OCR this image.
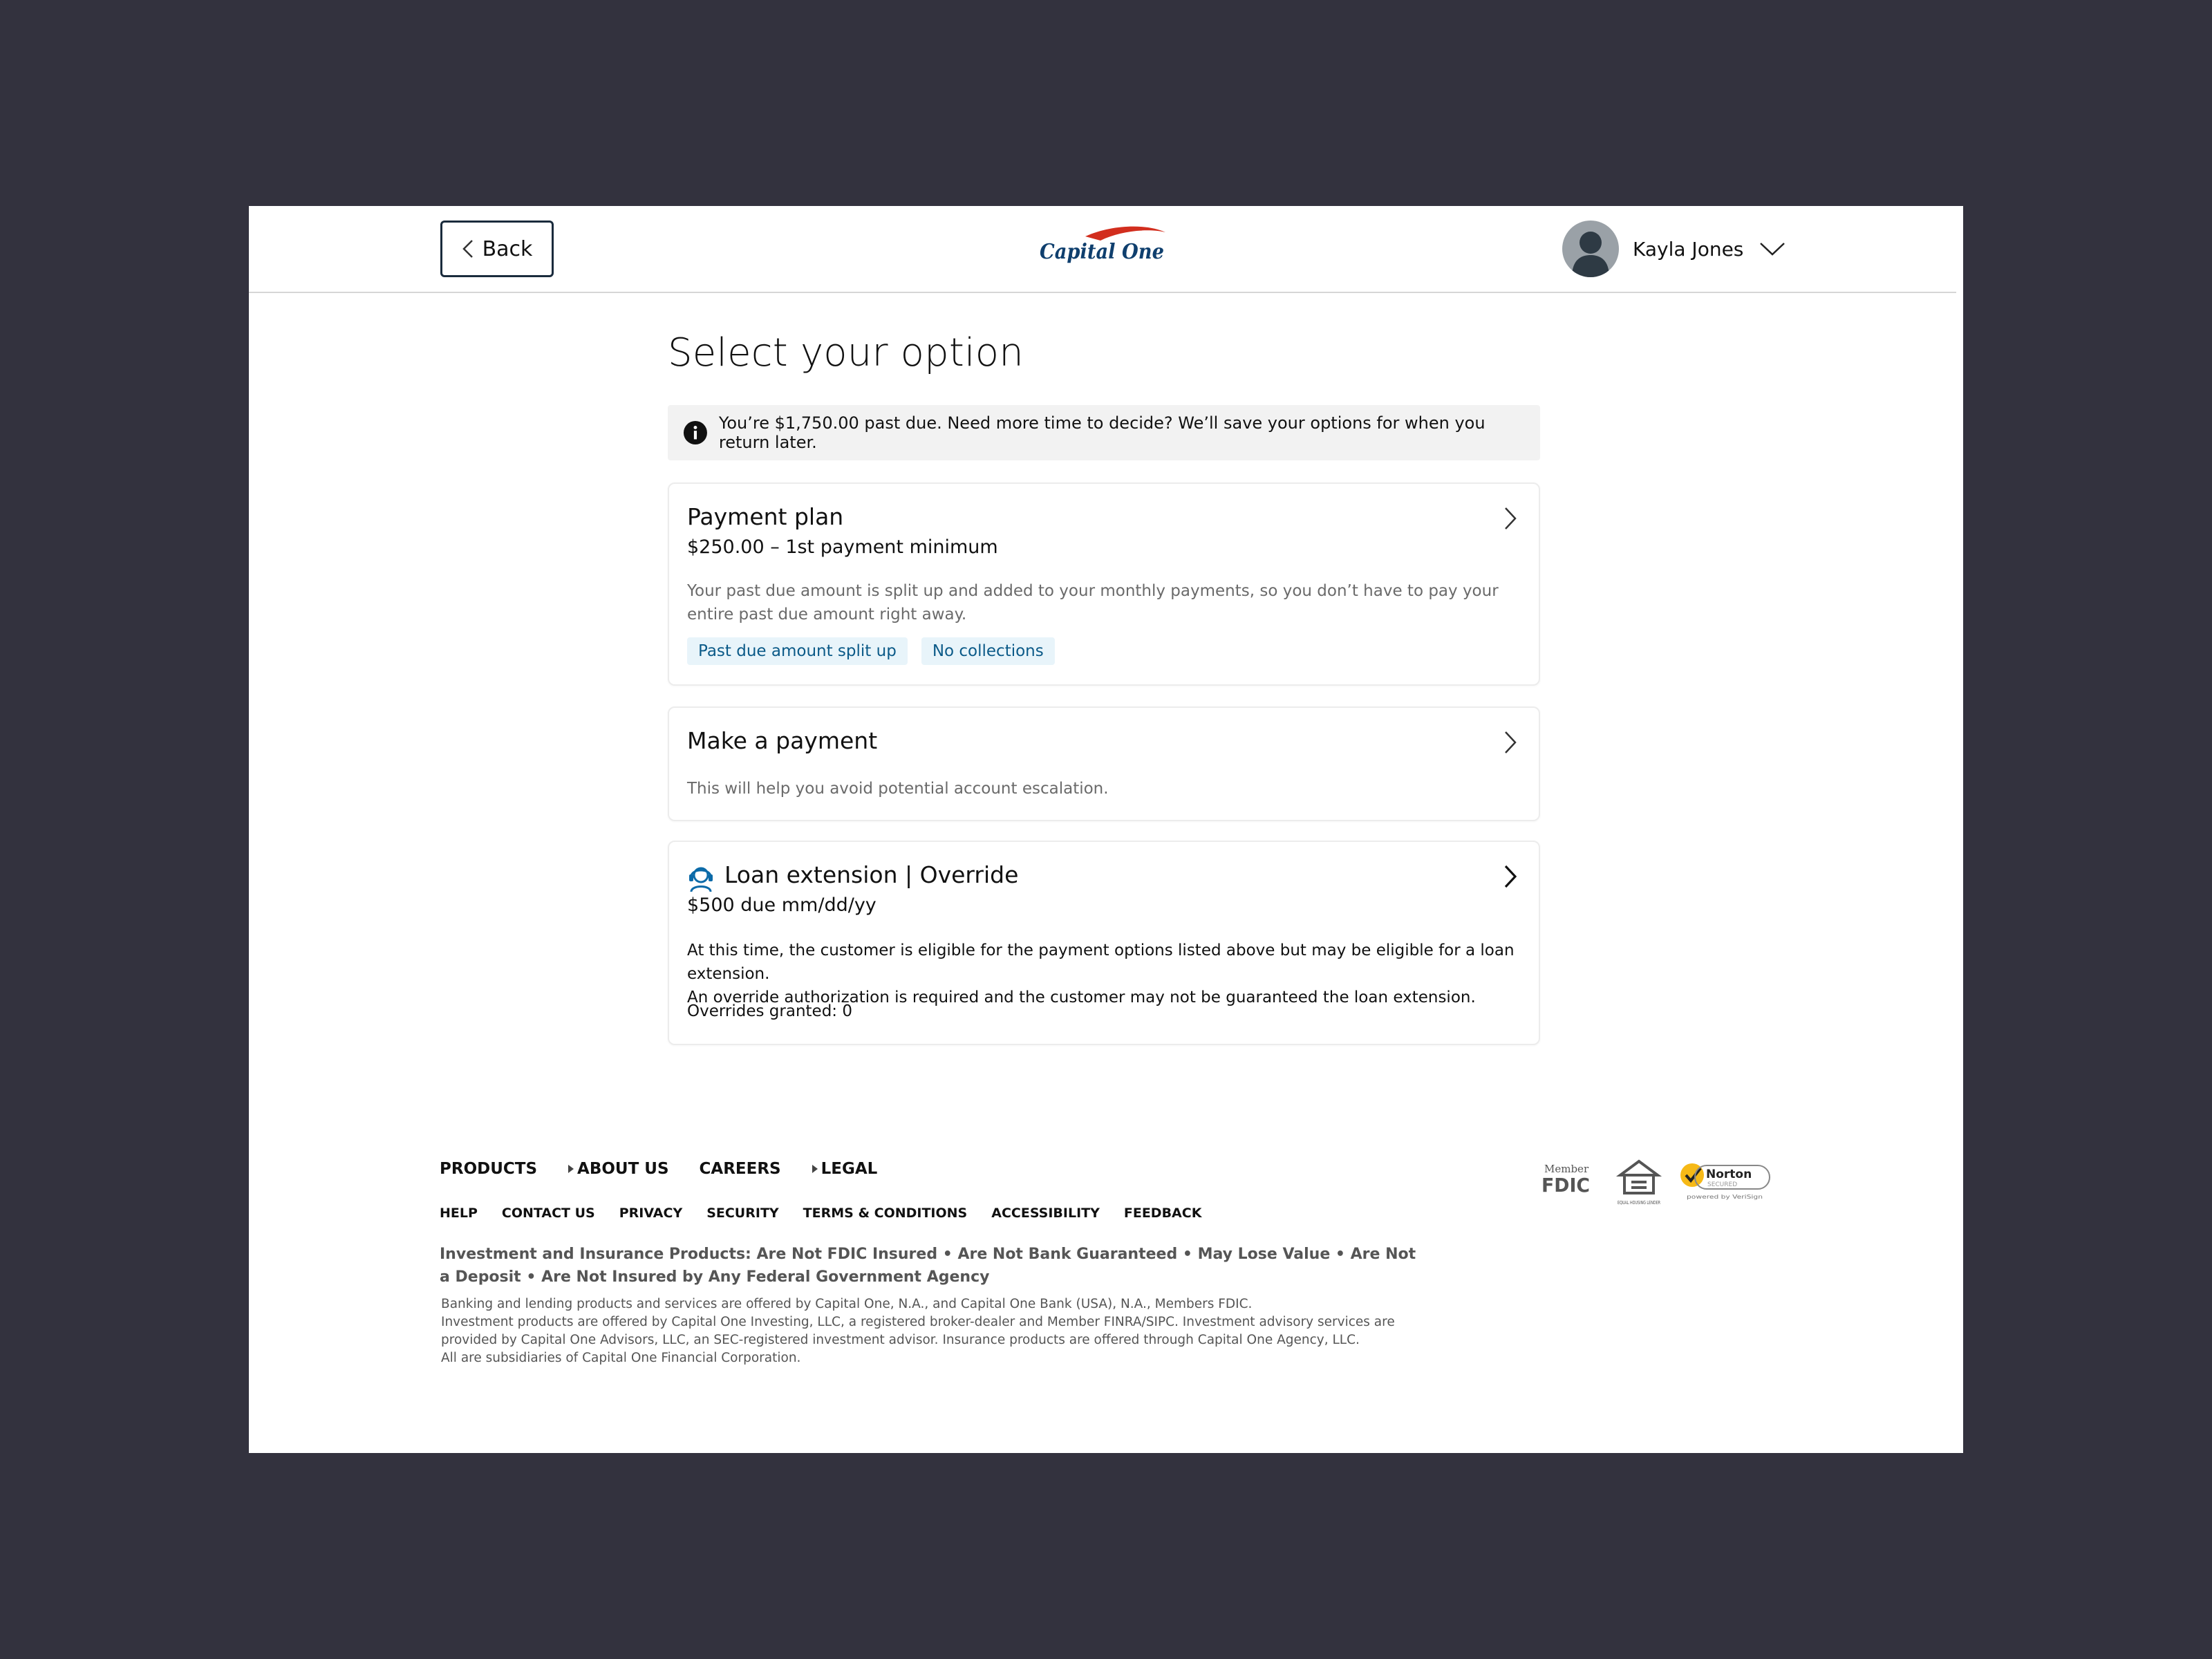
Back	Capital One	Kayla Jones
Select your option
You’re $1,750.00 past due. Need more time to decide? We’ll save your options for when you return later.
Payment plan
$250.00 – 1st payment minimum
Your past due amount is split up and added to your monthly payments, so you don’t have to pay your entire past due amount right away.
Past due amount split up	No collections
Make a payment
This will help you avoid potential account escalation.
Loan extension | Override
$500 due mm/dd/yy
At this time, the customer is eligible for the payment options listed above but may be eligible for a loan extension.
An override authorization is required and the customer may not be guaranteed the loan extension.
Overrides granted: 0
PRODUCTS	ABOUT US CAREERS	LEGAL
HELP CONTACT US PRIVACY SECURITY TERMS & CONDITIONS ACCESSIBILITY FEEDBACK
Investment and Insurance Products: Are Not FDIC Insured • Are Not Bank Guaranteed • May Lose Value • Are Not a Deposit • Are Not Insured by Any Federal Government Agency
Banking and lending products and services are offered by Capital One, N.A., and Capital One Bank (USA), N.A., Members FDIC.
Investment products are offered by Capital One Investing, LLC, a registered broker-dealer and Member FINRA/SIPC. Investment advisory services are provided by Capital One Advisors, LLC, an SEC-registered investment advisor. Insurance products are offered through Capital One Agency, LLC.
All are subsidiaries of Capital One Financial Corporation.
Member
FDIC
EQUAL HOUSING LENDER
Norton
SECURED
powered by VeriSign
